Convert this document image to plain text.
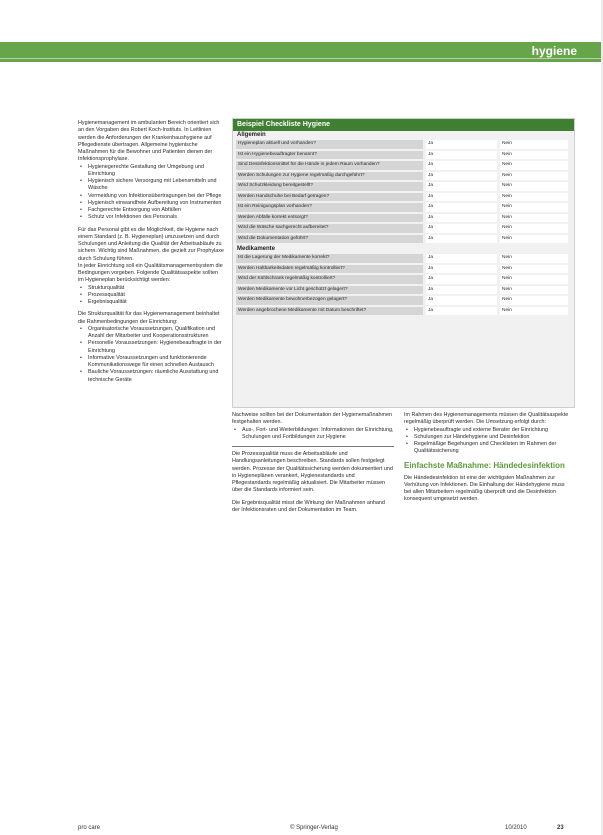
hygiene

Hygienemanagement im ambulanten Bereich orientiert sich an den Vorgaben des Robert Koch-Instituts. In Leitlinien werden die Anforderungen der Krankenhaushygiene auf Pflegedienste übertragen. Allgemeine hygienische Maßnahmen für die Bewohner und Patienten dienen der Infektionsprophylaxe.

• Hygienegerechte Gestaltung der Umgebung und Einrichtung
• Hygienisch sichere Versorgung mit Lebensmitteln und Wäsche
• Vermeidung von Infektionsübertragungen bei der Pflege
• Hygienisch einwandfreie Aufbereitung von Instrumenten
• Fachgerechte Entsorgung von Abfällen
• Schutz vor Infektionen des Personals

Für das Personal gibt es die Möglichkeit, die Hygiene nach einem Standard (z. B. Hygieneplan) umzusetzen und durch Schulungen und Anleitung die Qualität der Arbeitsabläufe zu sichern. Wichtig sind Maßnahmen, die gezielt zur Prophylaxe durch Schulung führen.

In jeder Einrichtung soll ein Qualitätsmanagementsystem die Bedingungen vorgeben. Folgende Qualitätsaspekte sollten im Hygieneplan berücksichtigt werden:

• Strukturqualität
• Prozessqualität
• Ergebnisqualität

Die Strukturqualität für das Hygienemanagement beinhaltet die Rahmenbedingungen der Einrichtung:

• Organisatorische Voraussetzungen, Qualifikation und Anzahl der Mitarbeiter und Kooperationsstrukturen
• Personelle Voraussetzungen: Hygienebeauftragte in der Einrichtung
• Informative Voraussetzungen und funktionierende Kommunikationswege für einen schnellen Austausch
• Bauliche Voraussetzungen: räumliche Ausstattung und technische Geräte
Beispiel Checkliste Hygiene
Allgemein
Hygieneplan aktuell und vorhanden?	Ja	Nein
Ist ein Hygienebeauftragter benannt?	Ja	Nein
Sind Desinfektionsmittel für die Hände in jedem Raum vorhanden?	Ja	Nein
Werden Schulungen zur Hygiene regelmäßig durchgeführt?	Ja	Nein
Wird Schutzkleidung bereitgestellt?	Ja	Nein
Werden Handschuhe bei Bedarf getragen?	Ja	Nein
Ist ein Reinigungsplan vorhanden?	Ja	Nein
Werden Abfälle korrekt entsorgt?	Ja	Nein
Wird die Wäsche sachgerecht aufbereitet?	Ja	Nein
Wird die Dokumentation geführt?	Ja	Nein
Medikamente
Ist die Lagerung der Medikamente korrekt?	Ja	Nein
Werden Haltbarkeitsdaten regelmäßig kontrolliert?	Ja	Nein
Wird der Kühlschrank regelmäßig kontrolliert?	Ja	Nein
Werden Medikamente vor Licht geschützt gelagert?	Ja	Nein
Werden Medikamente bewohnerbezogen gelagert?	Ja	Nein
Werden angebrochene Medikamente mit Datum beschriftet?	Ja	Nein

Nachweise sollten bei der Dokumentation der Hygienemaßnahmen festgehalten werden.

• Aus-, Fort- und Weiterbildungen: Informationen der Einrichtung, Schulungen und Fortbildungen zur Hygiene

Die Prozessqualität muss die Arbeitsabläufe und Handlungsanleitungen beschreiben. Standards sollen festgelegt werden. Prozesse der Qualitätssicherung werden dokumentiert und in Hygieneplänen verankert, Hygienestandards und Pflegestandards regelmäßig aktualisiert. Die Mitarbeiter müssen über die Standards informiert sein.

Die Ergebnisqualität misst die Wirkung der Maßnahmen anhand der Infektionsraten und der Dokumentation im Team.

Im Rahmen des Hygienemanagements müssen die Qualitätsaspekte regelmäßig überprüft werden. Die Umsetzung erfolgt durch:

• Hygienebeauftragte und externe Berater der Einrichtung
• Schulungen zur Händehygiene und Desinfektion
• Regelmäßige Begehungen und Checklisten im Rahmen der Qualitätssicherung
Einfachste Maßnahme: Händedesinfektion

Die Händedesinfektion ist eine der wichtigsten Maßnahmen zur Verhütung von Infektionen. Die Einhaltung der Händehygiene muss bei allen Mitarbeitern regelmäßig überprüft und die Desinfektion konsequent umgesetzt werden.

pro care	© Springer-Verlag	10/2010	23
